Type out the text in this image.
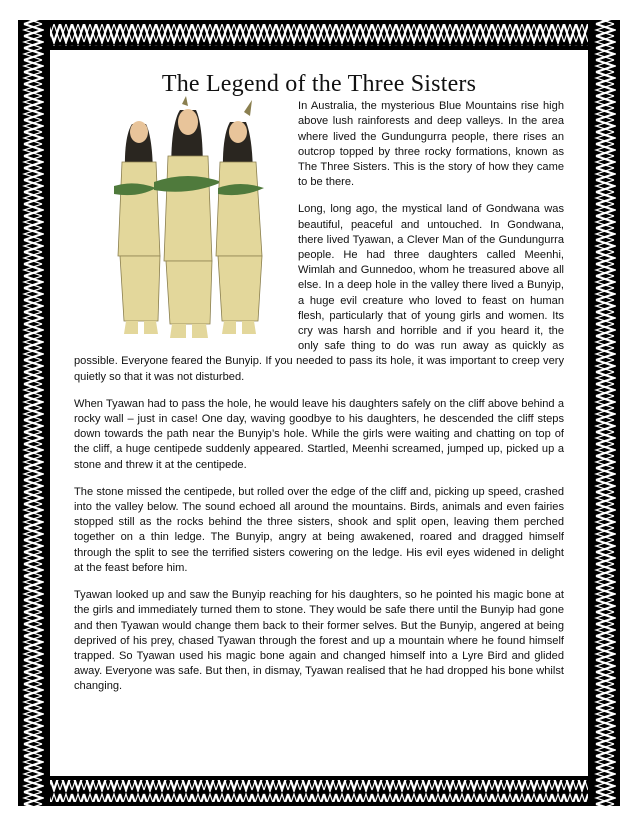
The Legend of the Three Sisters

In Australia, the mysterious Blue Mountains rise high above lush rainforests and deep valleys. In the area where lived the Gundungurra people, there rises an outcrop topped by three rocky formations, known as The Three Sisters. This is the story of how they came to be there.

Long, long ago, the mystical land of Gondwana was beautiful, peaceful and untouched. In Gondwana, there lived Tyawan, a Clever Man of the Gundungurra people. He had three daughters called Meenhi, Wimlah and Gunnedoo, whom he treasured above all else. In a deep hole in the valley there lived a Bunyip, a huge evil creature who loved to feast on human flesh, particularly that of young girls and women. Its cry was harsh and horrible and if you heard it, the only safe thing to do was run away as quickly as possible. Everyone feared the Bunyip. If you needed to pass its hole, it was important to creep very quietly so that it was not disturbed.

When Tyawan had to pass the hole, he would leave his daughters safely on the cliff above behind a rocky wall – just in case! One day, waving goodbye to his daughters, he descended the cliff steps down towards the path near the Bunyip’s hole. While the girls were waiting and chatting on top of the cliff, a huge centipede suddenly appeared. Startled, Meenhi screamed, jumped up, picked up a stone and threw it at the centipede.

The stone missed the centipede, but rolled over the edge of the cliff and, picking up speed, crashed into the valley below. The sound echoed all around the mountains. Birds, animals and even fairies stopped still as the rocks behind the three sisters, shook and split open, leaving them perched together on a thin ledge. The Bunyip, angry at being awakened, roared and dragged himself through the split to see the terrified sisters cowering on the ledge. His evil eyes widened in delight at the feast before him.

Tyawan looked up and saw the Bunyip reaching for his daughters, so he pointed his magic bone at the girls and immediately turned them to stone. They would be safe there until the Bunyip had gone and then Tyawan would change them back to their former selves. But the Bunyip, angered at being deprived of his prey, chased Tyawan through the forest and up a mountain where he found himself trapped. So Tyawan used his magic bone again and changed himself into a Lyre Bird and glided away. Everyone was safe. But then, in dismay, Tyawan realised that he had dropped his bone whilst changing.
